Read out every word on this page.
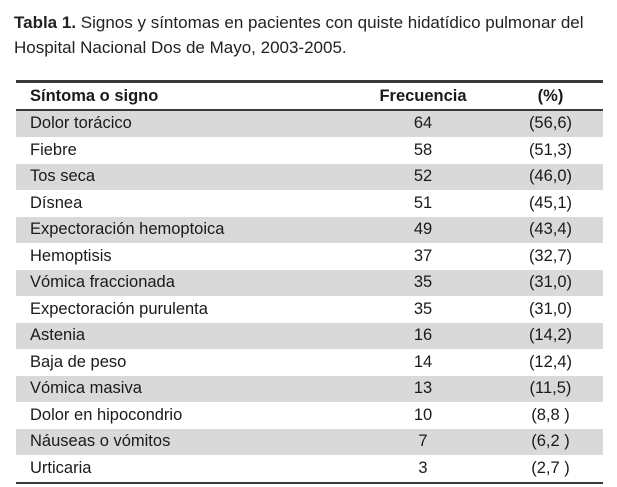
Tabla 1. Signos y síntomas en pacientes con quiste hidatídico pulmonar del Hospital Nacional Dos de Mayo, 2003-2005.
Síntoma o signo	Frecuencia	(%)
Dolor torácico	64	(56,6)
Fiebre	58	(51,3)
Tos seca	52	(46,0)
Dísnea	51	(45,1)
Expectoración hemoptoica	49	(43,4)
Hemoptisis	37	(32,7)
Vómica fraccionada	35	(31,0)
Expectoración purulenta	35	(31,0)
Astenia	16	(14,2)
Baja de peso	14	(12,4)
Vómica masiva	13	(11,5)
Dolor en hipocondrio	10	(8,8 )
Náuseas o vómitos	7	(6,2 )
Urticaria	3	(2,7 )
